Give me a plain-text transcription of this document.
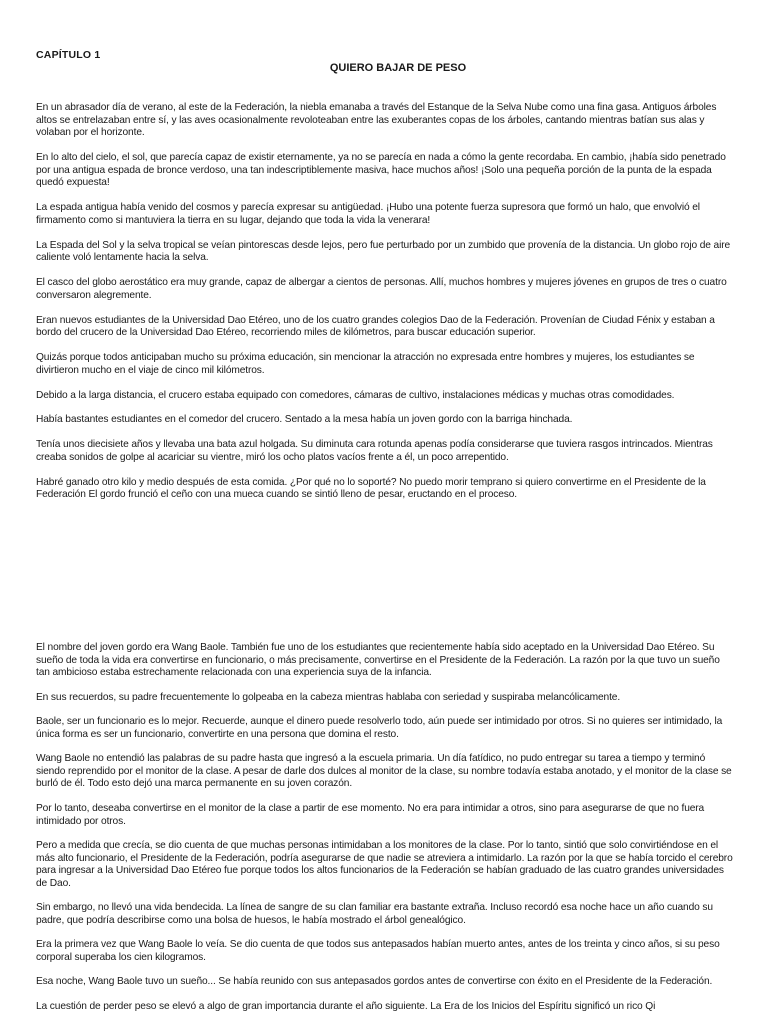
CAPÍTULO 1
QUIERO BAJAR DE PESO

En un abrasador día de verano, al este de la Federación, la niebla emanaba a través del Estanque de la Selva Nube como una fina gasa. Antiguos árboles altos se entrelazaban entre sí, y las aves ocasionalmente revoloteaban entre las exuberantes copas de los árboles, cantando mientras batían sus alas y volaban por el horizonte.

En lo alto del cielo, el sol, que parecía capaz de existir eternamente, ya no se parecía en nada a cómo la gente recordaba. En cambio, ¡había sido penetrado por una antigua espada de bronce verdoso, una tan indescriptiblemente masiva, hace muchos años! ¡Solo una pequeña porción de la punta de la espada quedó expuesta!

La espada antigua había venido del cosmos y parecía expresar su antigüedad. ¡Hubo una potente fuerza supresora que formó un halo, que envolvió el firmamento como si mantuviera la tierra en su lugar, dejando que toda la vida la venerara!

La Espada del Sol y la selva tropical se veían pintorescas desde lejos, pero fue perturbado por un zumbido que provenía de la distancia. Un globo rojo de aire caliente voló lentamente hacia la selva.

El casco del globo aerostático era muy grande, capaz de albergar a cientos de personas. Allí, muchos hombres y mujeres jóvenes en grupos de tres o cuatro conversaron alegremente.

Eran nuevos estudiantes de la Universidad Dao Etéreo, uno de los cuatro grandes colegios Dao de la Federación. Provenían de Ciudad Fénix y estaban a bordo del crucero de la Universidad Dao Etéreo, recorriendo miles de kilómetros, para buscar educación superior.

Quizás porque todos anticipaban mucho su próxima educación, sin mencionar la atracción no expresada entre hombres y mujeres, los estudiantes se divirtieron mucho en el viaje de cinco mil kilómetros.

Debido a la larga distancia, el crucero estaba equipado con comedores, cámaras de cultivo, instalaciones médicas y muchas otras comodidades.

Había bastantes estudiantes en el comedor del crucero. Sentado a la mesa había un joven gordo con la barriga hinchada.

Tenía unos diecisiete años y llevaba una bata azul holgada. Su diminuta cara rotunda apenas podía considerarse que tuviera rasgos intrincados. Mientras creaba sonidos de golpe al acariciar su vientre, miró los ocho platos vacíos frente a él, un poco arrepentido.

Habré ganado otro kilo y medio después de esta comida. ¿Por qué no lo soporté? No puedo morir temprano si quiero convertirme en el Presidente de la Federación El gordo frunció el ceño con una mueca cuando se sintió lleno de pesar, eructando en el proceso.

El nombre del joven gordo era Wang Baole. También fue uno de los estudiantes que recientemente había sido aceptado en la Universidad Dao Etéreo. Su sueño de toda la vida era convertirse en funcionario, o más precisamente, convertirse en el Presidente de la Federación. La razón por la que tuvo un sueño tan ambicioso estaba estrechamente relacionada con una experiencia suya de la infancia.

En sus recuerdos, su padre frecuentemente lo golpeaba en la cabeza mientras hablaba con seriedad y suspiraba melancólicamente.

Baole, ser un funcionario es lo mejor. Recuerde, aunque el dinero puede resolverlo todo, aún puede ser intimidado por otros. Si no quieres ser intimidado, la única forma es ser un funcionario, convertirte en una persona que domina el resto.

Wang Baole no entendió las palabras de su padre hasta que ingresó a la escuela primaria. Un día fatídico, no pudo entregar su tarea a tiempo y terminó siendo reprendido por el monitor de la clase. A pesar de darle dos dulces al monitor de la clase, su nombre todavía estaba anotado, y el monitor de la clase se burló de él. Todo esto dejó una marca permanente en su joven corazón.

Por lo tanto, deseaba convertirse en el monitor de la clase a partir de ese momento. No era para intimidar a otros, sino para asegurarse de que no fuera intimidado por otros.

Pero a medida que crecía, se dio cuenta de que muchas personas intimidaban a los monitores de la clase. Por lo tanto, sintió que solo convirtiéndose en el más alto funcionario, el Presidente de la Federación, podría asegurarse de que nadie se atreviera a intimidarlo. La razón por la que se había torcido el cerebro para ingresar a la Universidad Dao Etéreo fue porque todos los altos funcionarios de la Federación se habían graduado de las cuatro grandes universidades de Dao.

Sin embargo, no llevó una vida bendecida. La línea de sangre de su clan familiar era bastante extraña. Incluso recordó esa noche hace un año cuando su padre, que podría describirse como una bolsa de huesos, le había mostrado el árbol genealógico.

Era la primera vez que Wang Baole lo veía. Se dio cuenta de que todos sus antepasados habían muerto antes, antes de los treinta y cinco años, si su peso corporal superaba los cien kilogramos.

Esa noche, Wang Baole tuvo un sueño... Se había reunido con sus antepasados gordos antes de convertirse con éxito en el Presidente de la Federación.

La cuestión de perder peso se elevó a algo de gran importancia durante el año siguiente. La Era de los Inicios del Espíritu significó un rico Qi
